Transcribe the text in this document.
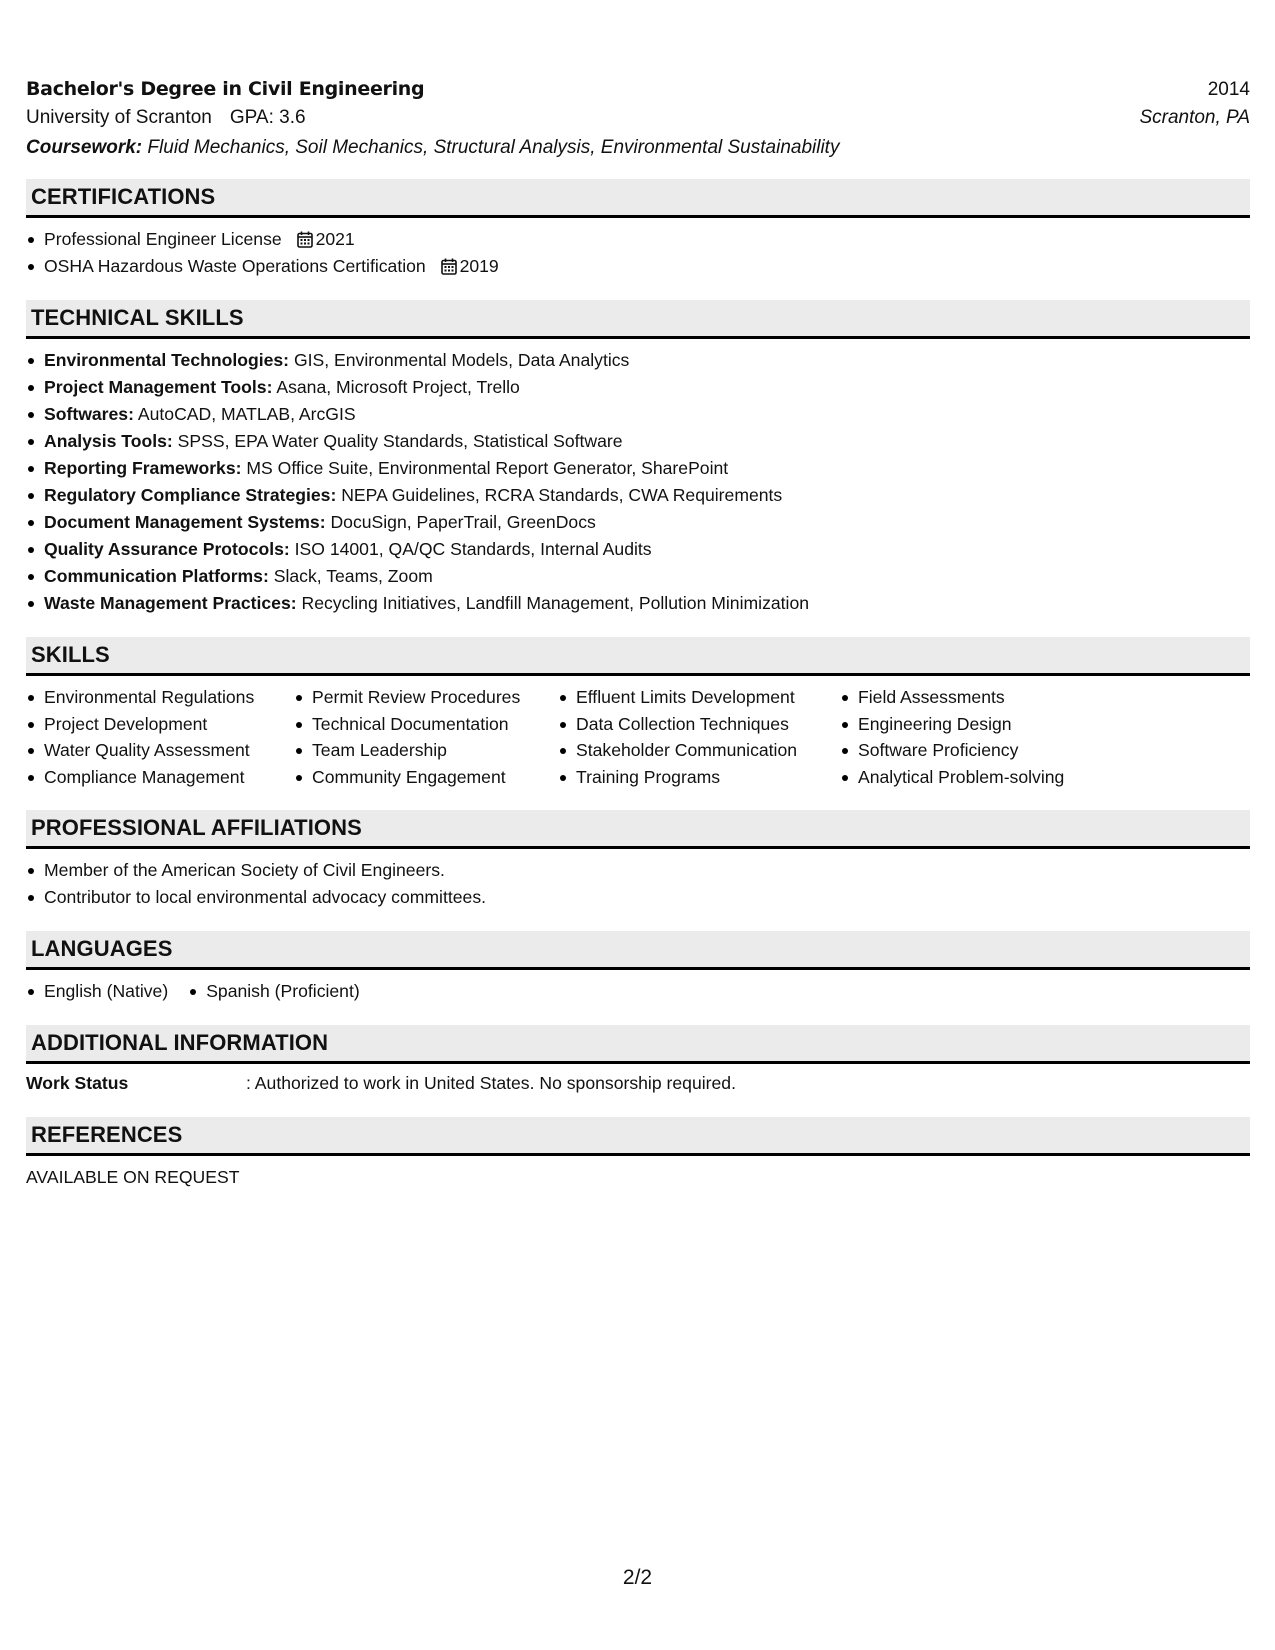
Bachelor's Degree in Civil Engineering	2014
University of Scranton GPA: 3.6	Scranton, PA
Coursework: Fluid Mechanics, Soil Mechanics, Structural Analysis, Environmental Sustainability
CERTIFICATIONS
Professional Engineer License 2021
OSHA Hazardous Waste Operations Certification 2019
TECHNICAL SKILLS
Environmental Technologies: GIS, Environmental Models, Data Analytics
Project Management Tools: Asana, Microsoft Project, Trello
Softwares: AutoCAD, MATLAB, ArcGIS
Analysis Tools: SPSS, EPA Water Quality Standards, Statistical Software
Reporting Frameworks: MS Office Suite, Environmental Report Generator, SharePoint
Regulatory Compliance Strategies: NEPA Guidelines, RCRA Standards, CWA Requirements
Document Management Systems: DocuSign, PaperTrail, GreenDocs
Quality Assurance Protocols: ISO 14001, QA/QC Standards, Internal Audits
Communication Platforms: Slack, Teams, Zoom
Waste Management Practices: Recycling Initiatives, Landfill Management, Pollution Minimization
SKILLS
Environmental Regulations
Project Development
Water Quality Assessment
Compliance Management
Permit Review Procedures
Technical Documentation
Team Leadership
Community Engagement
Effluent Limits Development
Data Collection Techniques
Stakeholder Communication
Training Programs
Field Assessments
Engineering Design
Software Proficiency
Analytical Problem-solving
PROFESSIONAL AFFILIATIONS
Member of the American Society of Civil Engineers.
Contributor to local environmental advocacy committees.
LANGUAGES
English (Native)	Spanish (Proficient)
ADDITIONAL INFORMATION
Work Status	: Authorized to work in United States. No sponsorship required.
REFERENCES
AVAILABLE ON REQUEST
2/2
